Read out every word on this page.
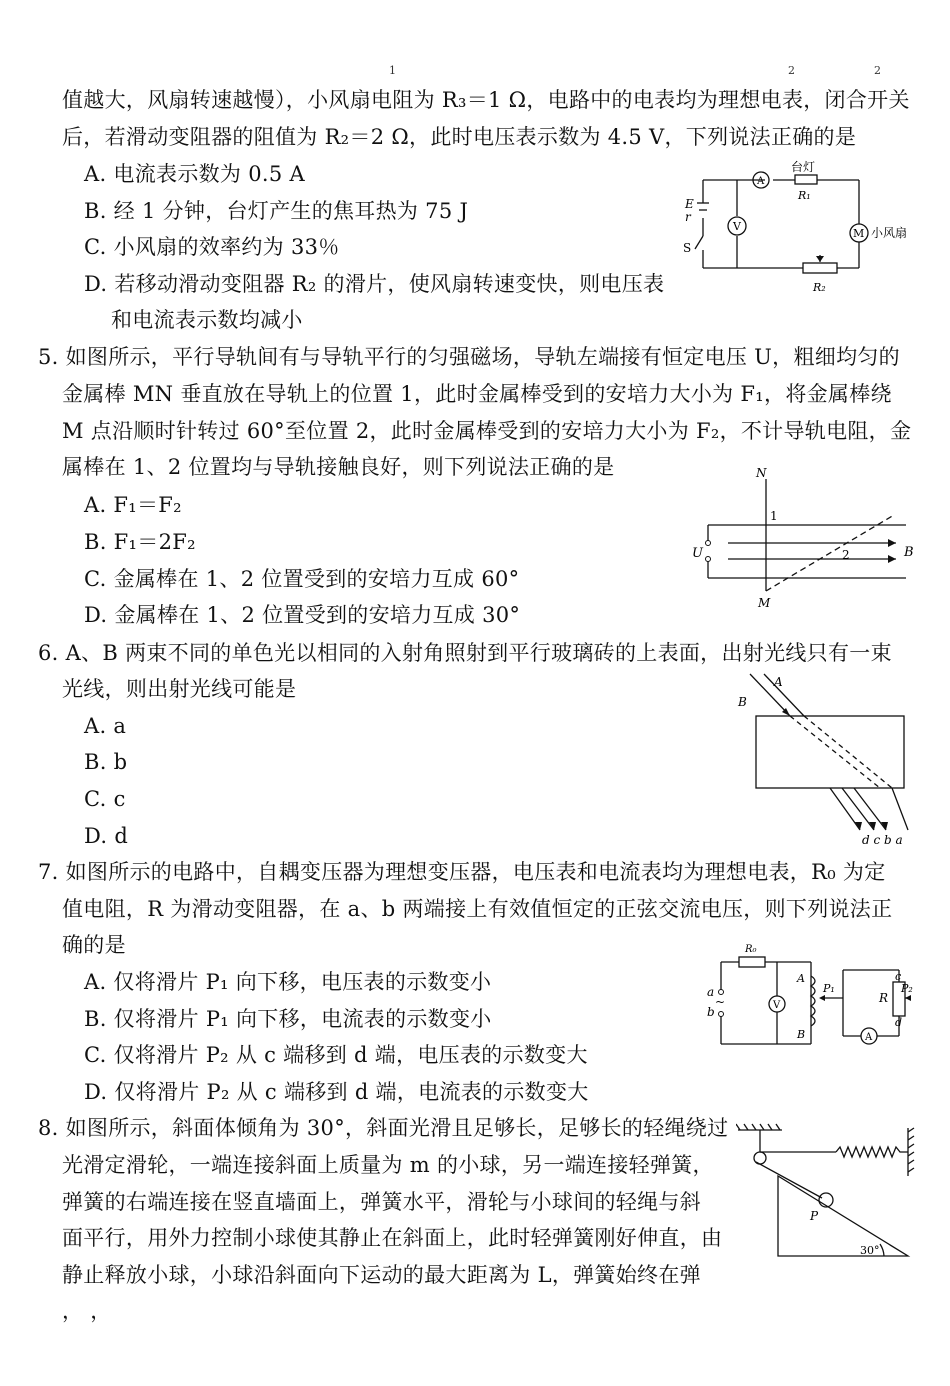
1	2	2
值越大，风扇转速越慢），小风扇电阻为 R₃＝1 Ω，电路中的电表均为理想电表，闭合开关
后，若滑动变阻器的阻值为 R₂＝2 Ω，此时电压表示数为 4.5 V，下列说法正确的是
A. 电流表示数为 0.5 A
B. 经 1 分钟，台灯产生的焦耳热为 75 J
C. 小风扇的效率约为 33％
D. 若移动滑动变阻器 R₂ 的滑片，使风扇转速变快，则电压表
和电流表示数均减小
5. 如图所示，平行导轨间有与导轨平行的匀强磁场，导轨左端接有恒定电压 U，粗细均匀的
金属棒 MN 垂直放在导轨上的位置 1，此时金属棒受到的安培力大小为 F₁，将金属棒绕
M 点沿顺时针转过 60°至位置 2，此时金属棒受到的安培力大小为 F₂，不计导轨电阻，金
属棒在 1、2 位置均与导轨接触良好，则下列说法正确的是
A. F₁＝F₂
B. F₁＝2F₂
C. 金属棒在 1、2 位置受到的安培力互成 60°
D. 金属棒在 1、2 位置受到的安培力互成 30°
6. A、B 两束不同的单色光以相同的入射角照射到平行玻璃砖的上表面，出射光线只有一束
光线，则出射光线可能是
A. a
B. b
C. c
D. d
7. 如图所示的电路中，自耦变压器为理想变压器，电压表和电流表均为理想电表，R₀ 为定
值电阻，R 为滑动变阻器，在 a、b 两端接上有效值恒定的正弦交流电压，则下列说法正
确的是
A. 仅将滑片 P₁ 向下移，电压表的示数变小
B. 仅将滑片 P₁ 向下移，电流表的示数变小
C. 仅将滑片 P₂ 从 c 端移到 d 端，电压表的示数变大
D. 仅将滑片 P₂ 从 c 端移到 d 端，电流表的示数变大
8. 如图所示，斜面体倾角为 30°，斜面光滑且足够长，足够长的轻绳绕过
光滑定滑轮，一端连接斜面上质量为 m 的小球，另一端连接轻弹簧，
弹簧的右端连接在竖直墙面上，弹簧水平，滑轮与小球间的轻绳与斜
面平行，用外力控制小球使其静止在斜面上，此时轻弹簧刚好伸直，由
静止释放小球，小球沿斜面向下运动的最大距离为 L，弹簧始终在弹
， ，
E
r
S
V
A
M
台灯
R₁
小风扇
R₂
N
M
U	B
1
2
A
B
d c b a
R₀
a
b
~	V
A
B
P₁
R
c
P₂
d
A
P
30°
